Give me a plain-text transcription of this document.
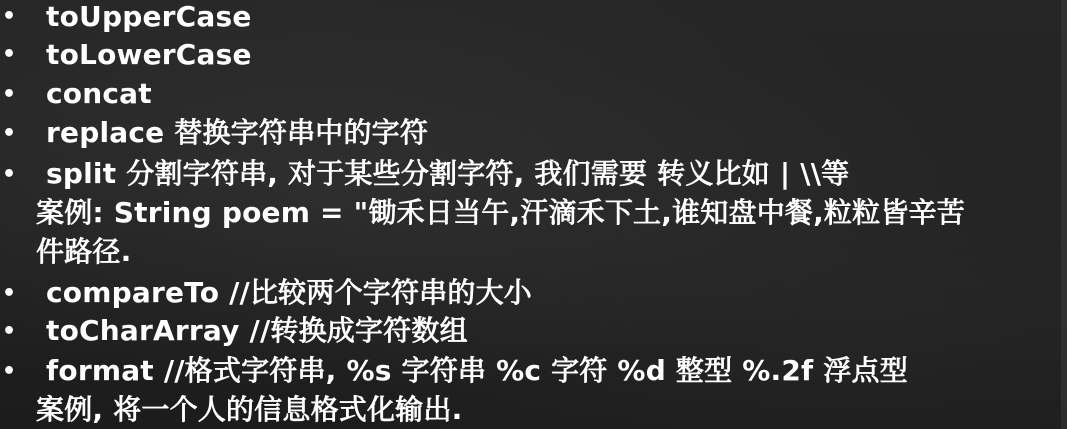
• toUpperCase
• toLowerCase
• concat
• replace 替换字符串中的字符
• split 分割字符串, 对于某些分割字符, 我们需要 转义比如 | \\等
案例: String poem = "锄禾日当午,汗滴禾下土,谁知盘中餐,粒粒皆辛苦
件路径.
• compareTo //比较两个字符串的大小
• toCharArray //转换成字符数组
• format //格式字符串, %s 字符串 %c 字符 %d 整型 %.2f 浮点型
案例, 将一个人的信息格式化输出.
